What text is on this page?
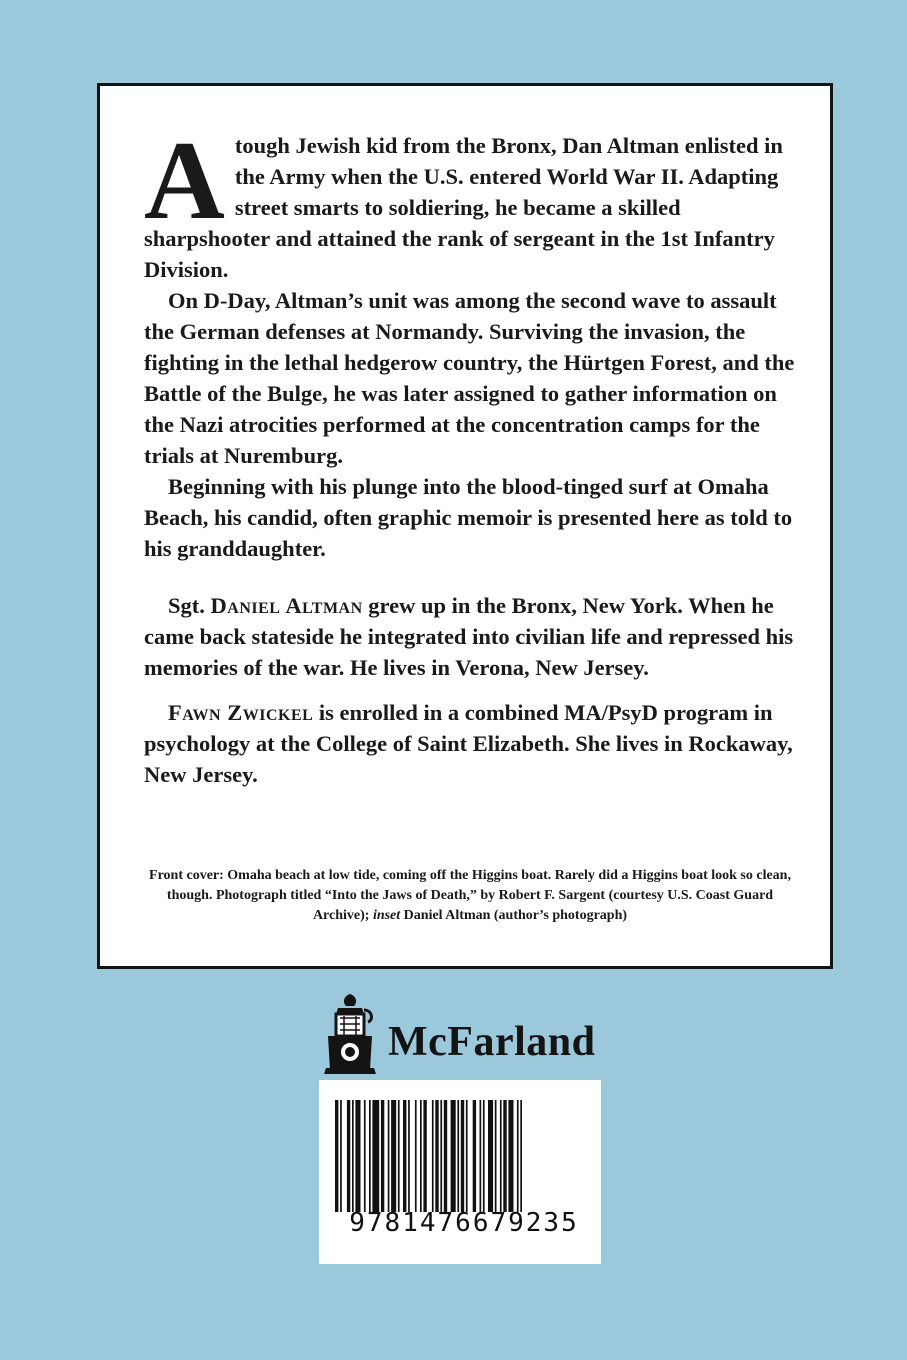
Atough Jewish kid from the Bronx, Dan Altman enlisted in the Army when the U.S. entered World War II. Adapting street smarts to soldiering, he became a skilled sharpshooter and attained the rank of sergeant in the 1st Infantry Division.

On D-Day, Altman’s unit was among the second wave to assault the German defenses at Normandy. Surviving the invasion, the fighting in the lethal hedgerow country, the Hürtgen Forest, and the Battle of the Bulge, he was later assigned to gather information on the Nazi atrocities performed at the concentration camps for the trials at Nuremburg.

Beginning with his plunge into the blood-tinged surf at Omaha Beach, his candid, often graphic memoir is presented here as told to his granddaughter.

Sgt. Daniel Altman grew up in the Bronx, New York. When he came back stateside he integrated into civilian life and repressed his memories of the war. He lives in Verona, New Jersey.

Fawn Zwickel is enrolled in a combined MA/PsyD program in psychology at the College of Saint Elizabeth. She lives in Rockaway, New Jersey.

Front cover: Omaha beach at low tide, coming off the Higgins boat. Rarely did a Higgins boat look so clean, though. Photograph titled “Into the Jaws of Death,” by Robert F. Sargent (courtesy U.S. Coast Guard Archive); inset Daniel Altman (author’s photograph)
McFarland
9781476679235
